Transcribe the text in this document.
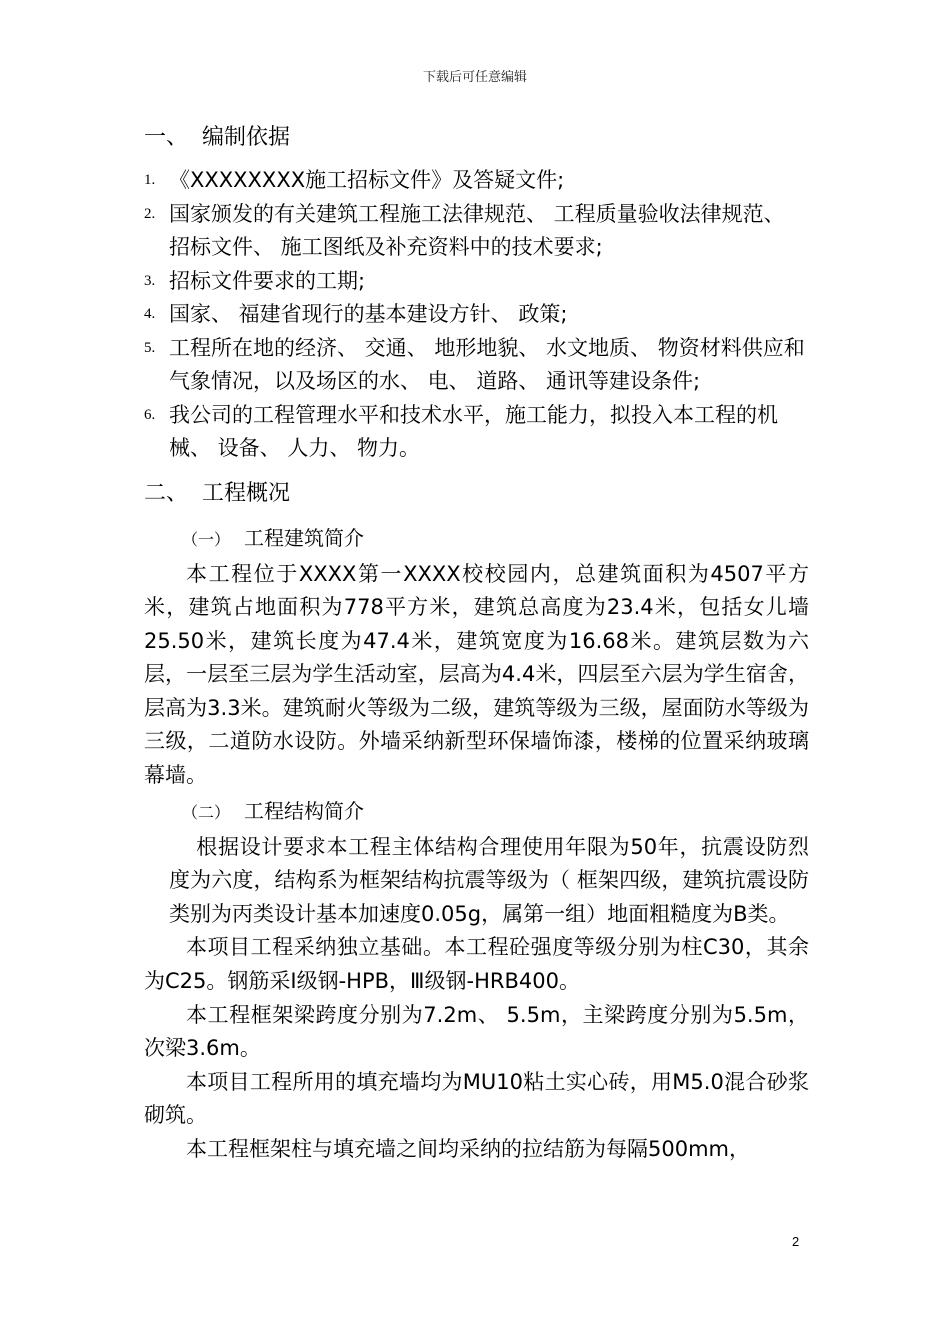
下载后可任意编辑
一、 编制依据
1. 《XXXXXXXX施工招标文件》及答疑文件;
2. 国家颁发的有关建筑工程施工法律规范、 工程质量验收法律规范、 招标文件、 施工图纸及补充资料中的技术要求;
3. 招标文件要求的工期;
4. 国家、 福建省现行的基本建设方针、 政策;
5. 工程所在地的经济、 交通、 地形地貌、 水文地质、 物资材料供应和气象情况，以及场区的水、 电、 道路、 通讯等建设条件;
6. 我公司的工程管理水平和技术水平，施工能力，拟投入本工程的机械、 设备、 人力、 物力。
二、 工程概况
（一） 工程建筑简介
本工程位于XXXX第一XXXX校校园内，总建筑面积为4507平方米，建筑占地面积为778平方米，建筑总高度为23.4米，包括女儿墙25.50米，建筑长度为47.4米，建筑宽度为16.68米。建筑层数为六层，一层至三层为学生活动室，层高为4.4米，四层至六层为学生宿舍，层高为3.3米。建筑耐火等级为二级，建筑等级为三级，屋面防水等级为三级，二道防水设防。外墙采纳新型环保墙饰漆，楼梯的位置采纳玻璃幕墙。
（二） 工程结构简介
根据设计要求本工程主体结构合理使用年限为50年，抗震设防烈度为六度，结构系为框架结构抗震等级为（ 框架四级，建筑抗震设防类别为丙类设计基本加速度0.05g，属第一组）地面粗糙度为B类。
本项目工程采纳独立基础。本工程砼强度等级分别为柱C30，其余为C25。钢筋采Ⅰ级钢-HPB，Ⅲ级钢-HRB400。
本工程框架梁跨度分别为7.2m、 5.5m，主梁跨度分别为5.5m，次梁3.6m。
本项目工程所用的填充墙均为MU10粘土实心砖，用M5.0混合砂浆砌筑。
本工程框架柱与填充墙之间均采纳的拉结筋为每隔500mm，
2
